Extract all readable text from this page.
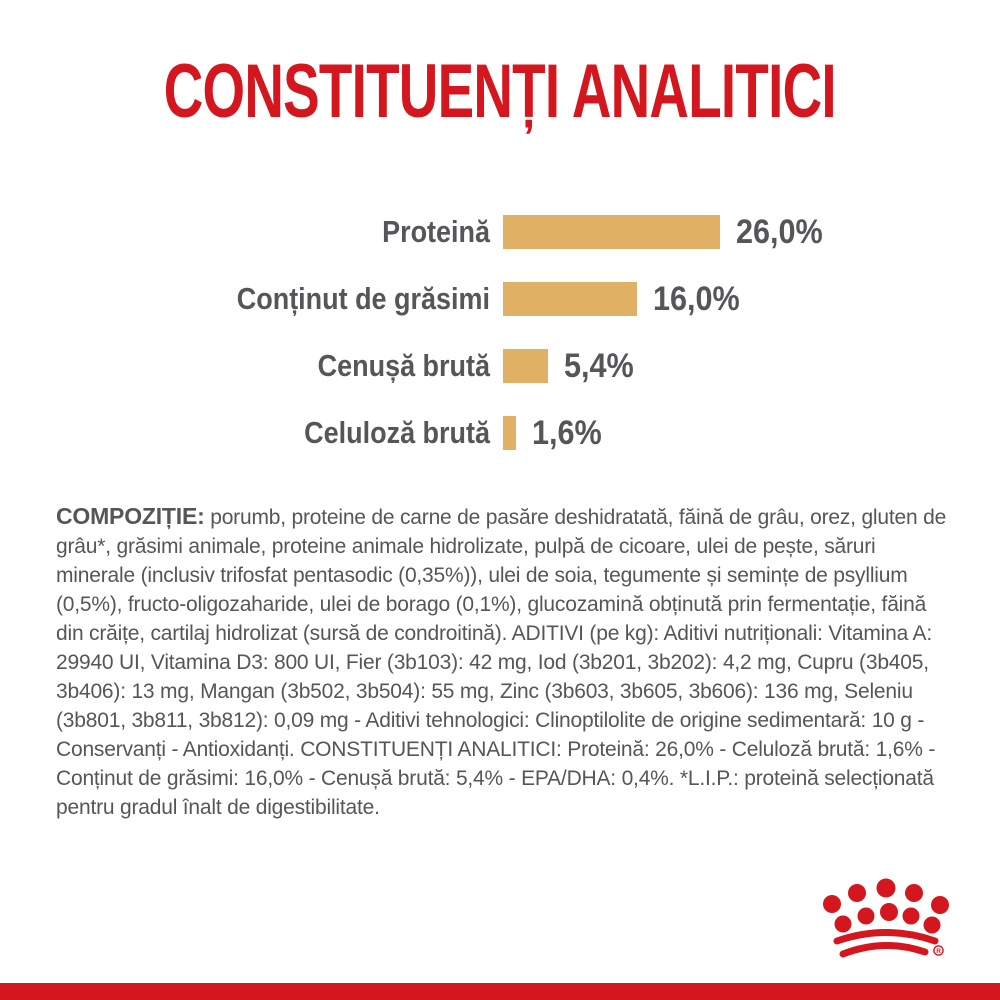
CONSTITUENȚI ANALITICI
Proteină	26,0%
Conținut de grăsimi	16,0%
Cenușă brută 5,4%
Celuloză brută 1,6%

COMPOZIȚIE: porumb, proteine de carne de pasăre deshidratată, făină de grâu, orez, gluten de grâu*, grăsimi animale, proteine animale hidrolizate, pulpă de cicoare, ulei de pește, săruri minerale (inclusiv trifosfat pentasodic (0,35%)), ulei de soia, tegumente și semințe de psyllium (0,5%), fructo-oligozaharide, ulei de borago (0,1%), glucozamină obținută prin fermentație, făină din crăițe, cartilaj hidrolizat (sursă de condroitină). ADITIVI (pe kg): Aditivi nutriționali: Vitamina A: 29940 UI, Vitamina D3: 800 UI, Fier (3b103): 42 mg, Iod (3b201, 3b202): 4,2 mg, Cupru (3b405, 3b406): 13 mg, Mangan (3b502, 3b504): 55 mg, Zinc (3b603, 3b605, 3b606): 136 mg, Seleniu (3b801, 3b811, 3b812): 0,09 mg - Aditivi tehnologici: Clinoptilolite de origine sedimentară: 10 g - Conservanți - Antioxidanți. CONSTITUENȚI ANALITICI: Proteină: 26,0% - Celuloză brută: 1,6% - Conținut de grăsimi: 16,0% - Cenușă brută: 5,4% - EPA/DHA: 0,4%. *L.I.P.: proteină selecționată pentru gradul înalt de digestibilitate.

R
